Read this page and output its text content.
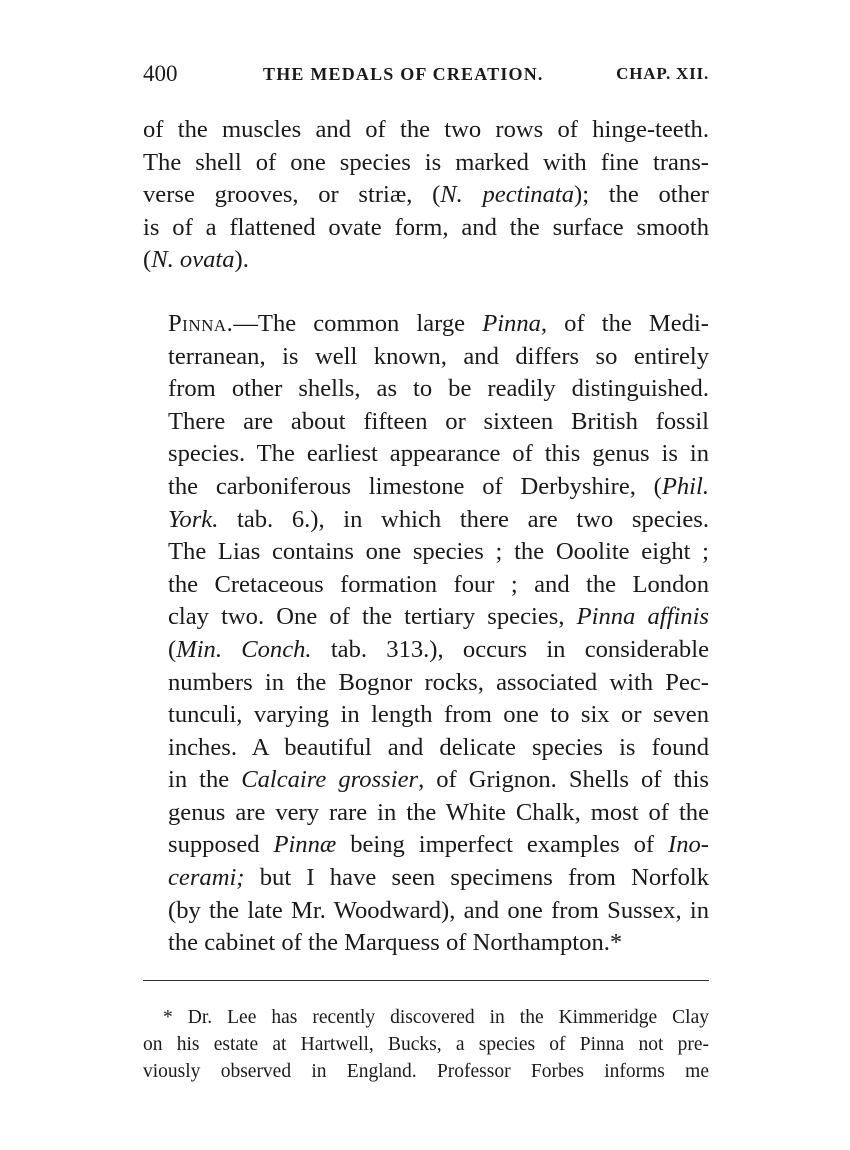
400	THE MEDALS OF CREATION.	CHAP. XII.

of the muscles and of the two rows of hinge-teeth.
The shell of one species is marked with fine trans-
verse grooves, or striæ, (N. pectinata); the other
is of a flattened ovate form, and the surface smooth
(N. ovata).

Pinna.—The common large Pinna, of the Medi-
terranean, is well known, and differs so entirely
from other shells, as to be readily distinguished.
There are about fifteen or sixteen British fossil
species. The earliest appearance of this genus is in
the carboniferous limestone of Derbyshire, (Phil.
York. tab. 6.), in which there are two species.
The Lias contains one species ; the Ooolite eight ;
the Cretaceous formation four ; and the London
clay two. One of the tertiary species, Pinna affinis
(Min. Conch. tab. 313.), occurs in considerable
numbers in the Bognor rocks, associated with Pec-
tunculi, varying in length from one to six or seven
inches. A beautiful and delicate species is found
in the Calcaire grossier, of Grignon. Shells of this
genus are very rare in the White Chalk, most of the
supposed Pinnæ being imperfect examples of Ino-
cerami; but I have seen specimens from Norfolk
(by the late Mr. Woodward), and one from Sussex, in
the cabinet of the Marquess of Northampton.*

* Dr. Lee has recently discovered in the Kimmeridge Clay
on his estate at Hartwell, Bucks, a species of Pinna not pre-
viously observed in England. Professor Forbes informs me
